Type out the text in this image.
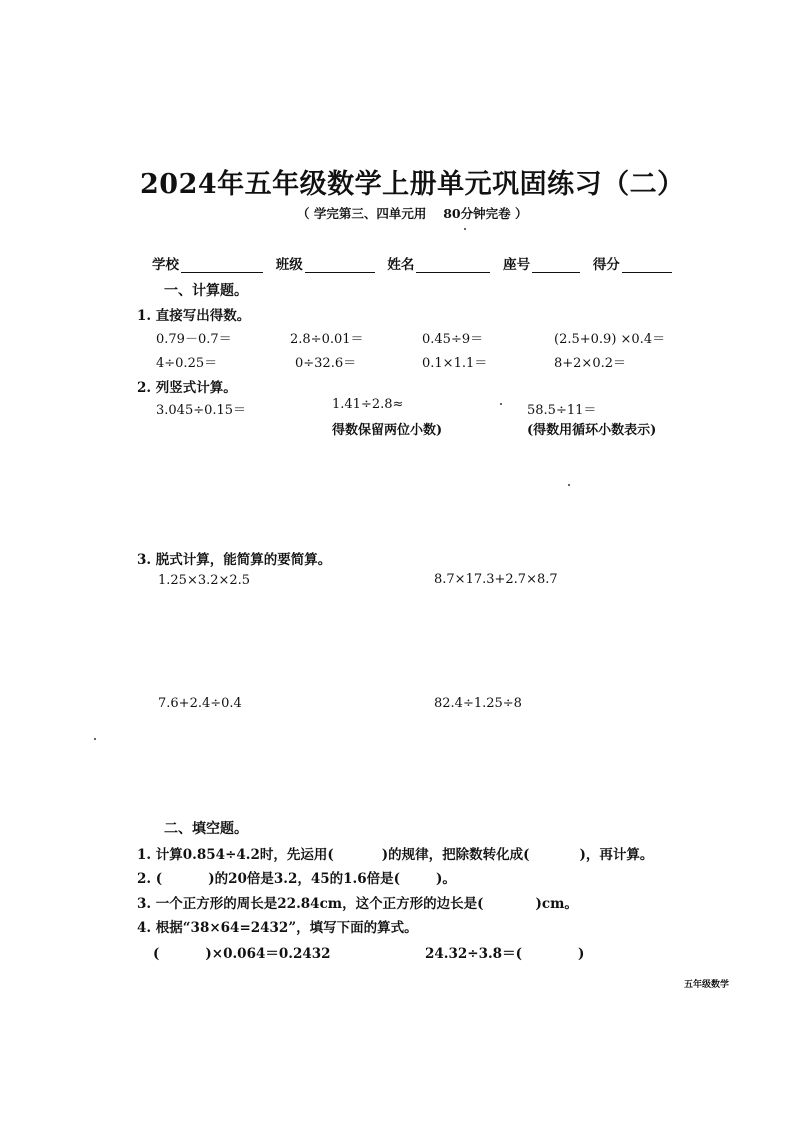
2024年五年级数学上册单元巩固练习（二）
（ 学完第三、四单元用　 80分钟完卷 ）
学校	班级	姓名	座号	得分
一、计算题。
1. 直接写出得数。
0.79－0.7＝	2.8÷0.01＝	0.45÷9＝	(2.5+0.9) ×0.4＝
4÷0.25＝	0÷32.6＝	0.1×1.1＝	8+2×0.2＝
2. 列竖式计算。
3.045÷0.15＝	1.41÷2.8≈	58.5÷11＝
得数保留两位小数)	(得数用循环小数表示)
3. 脱式计算，能简算的要简算。
1.25×3.2×2.5	8.7×17.3+2.7×8.7
7.6+2.4÷0.4	82.4÷1.25÷8
二、填空题。
1. 计算0.854÷4.2时，先运用(	)的规律，把除数转化成(	)，再计算。
2. (	)的20倍是3.2，45的1.6倍是(	)。
3. 一个正方形的周长是22.84cm，这个正方形的边长是(	)cm。
4. 根据“38×64=2432”，填写下面的算式。
(	)×0.064＝0.2432	24.32÷3.8＝(	)
五年级数学
